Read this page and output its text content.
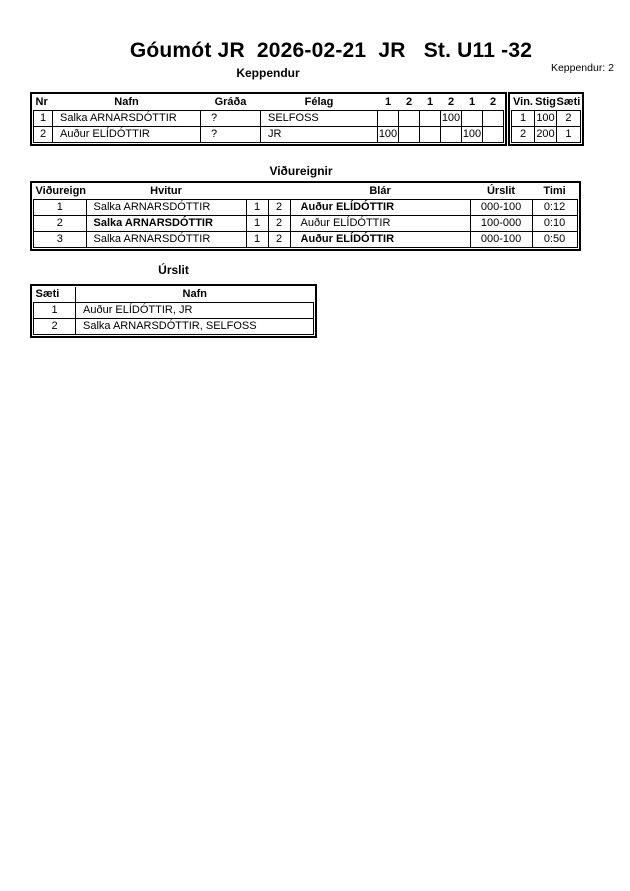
Góumót JR  2026-02-21  JR   St. U11 -32
Keppendur	Keppendur: 2
Nr	Nafn	Gráða	Félag	1	2	1	2	1	2
1	Salka ARNARSDÓTTIR	?	SELFOSS				100		
2	Auður ELÍDÓTTIR	?	JR	100				100	
Vin.	Stig	Sæti
1	100	2
2	200	1
Viðureignir
Viðureign	Hvitur			Blár	Úrslit	Timi
1	Salka ARNARSDÓTTIR	1	2	Auður ELÍDÓTTIR	000-100	0:12
2	Salka ARNARSDÓTTIR	1	2	Auður ELÍDÓTTIR	100-000	0:10
3	Salka ARNARSDÓTTIR	1	2	Auður ELÍDÓTTIR	000-100	0:50
Úrslit
Sæti	Nafn
1	Auður ELÍDÓTTIR, JR
2	Salka ARNARSDÓTTIR, SELFOSS
